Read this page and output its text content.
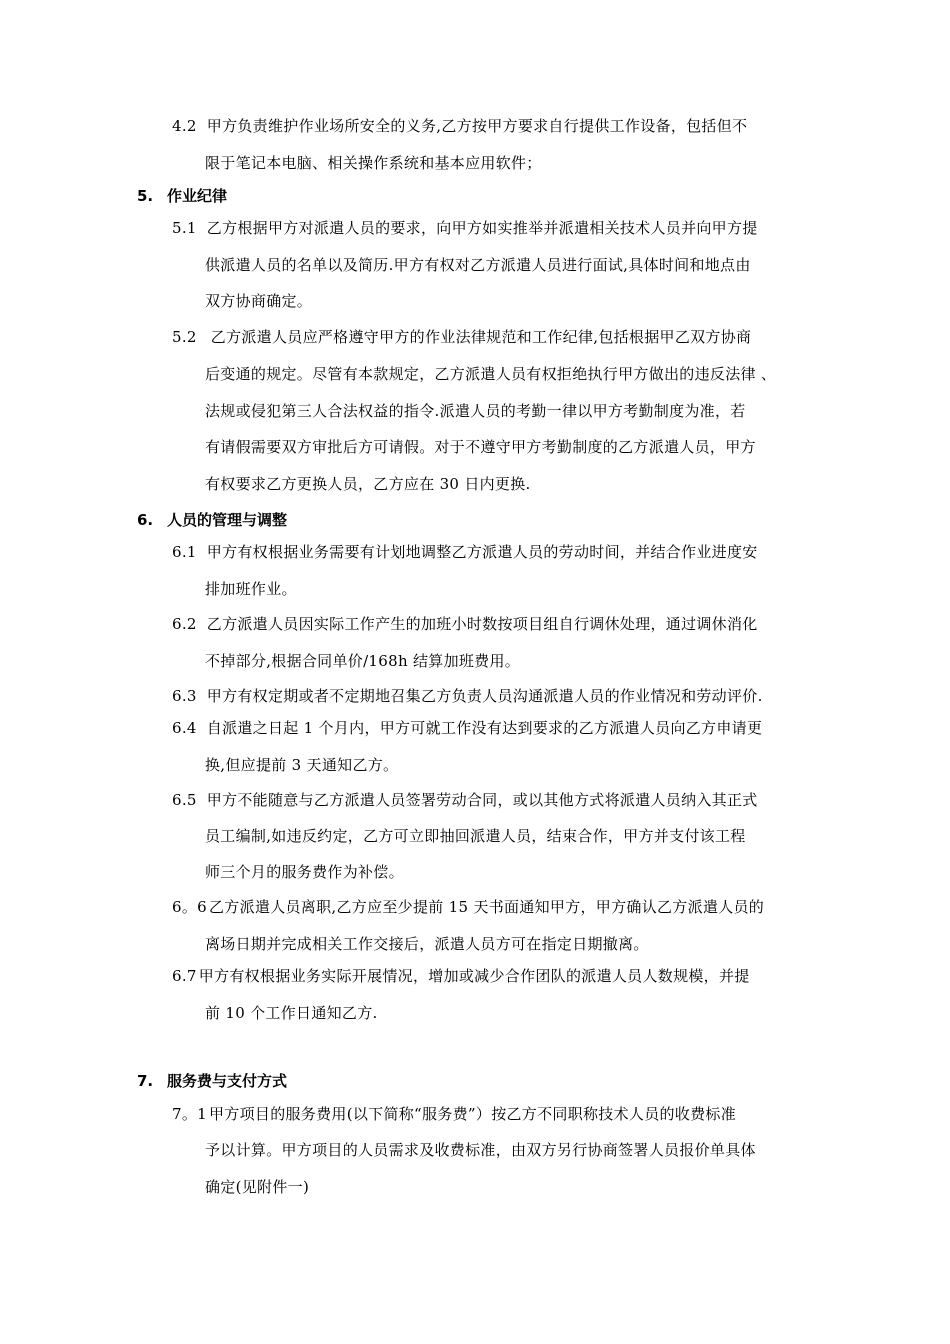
4.2 甲方负责维护作业场所安全的义务,乙方按甲方要求自行提供工作设备，包括但不
限于笔记本电脑、相关操作系统和基本应用软件；
5. 作业纪律
5.1 乙方根据甲方对派遣人员的要求，向甲方如实推举并派遣相关技术人员并向甲方提
供派遣人员的名单以及简历.甲方有权对乙方派遣人员进行面试,具体时间和地点由
双方协商确定。
5.2 乙方派遣人员应严格遵守甲方的作业法律规范和工作纪律,包括根据甲乙双方协商
后变通的规定。尽管有本款规定，乙方派遣人员有权拒绝执行甲方做出的违反法律 、
法规或侵犯第三人合法权益的指令.派遣人员的考勤一律以甲方考勤制度为准，若
有请假需要双方审批后方可请假。对于不遵守甲方考勤制度的乙方派遣人员，甲方
有权要求乙方更换人员，乙方应在 30 日内更换.
6. 人员的管理与调整
6.1 甲方有权根据业务需要有计划地调整乙方派遣人员的劳动时间，并结合作业进度安
排加班作业。
6.2 乙方派遣人员因实际工作产生的加班小时数按项目组自行调休处理，通过调休消化
不掉部分,根据合同单价/168h 结算加班费用。
6.3 甲方有权定期或者不定期地召集乙方负责人员沟通派遣人员的作业情况和劳动评价.
6.4 自派遣之日起 1 个月内，甲方可就工作没有达到要求的乙方派遣人员向乙方申请更
换,但应提前 3 天通知乙方。
6.5 甲方不能随意与乙方派遣人员签署劳动合同，或以其他方式将派遣人员纳入其正式
员工编制,如违反约定，乙方可立即抽回派遣人员，结束合作，甲方并支付该工程
师三个月的服务费作为补偿。
6。6 乙方派遣人员离职,乙方应至少提前 15 天书面通知甲方，甲方确认乙方派遣人员的
离场日期并完成相关工作交接后，派遣人员方可在指定日期撤离。
6.7 甲方有权根据业务实际开展情况，增加或减少合作团队的派遣人员人数规模，并提
前 10 个工作日通知乙方.
7. 服务费与支付方式
7。1 甲方项目的服务费用(以下简称“服务费”）按乙方不同职称技术人员的收费标准
予以计算。甲方项目的人员需求及收费标准，由双方另行协商签署人员报价单具体
确定(见附件一)
